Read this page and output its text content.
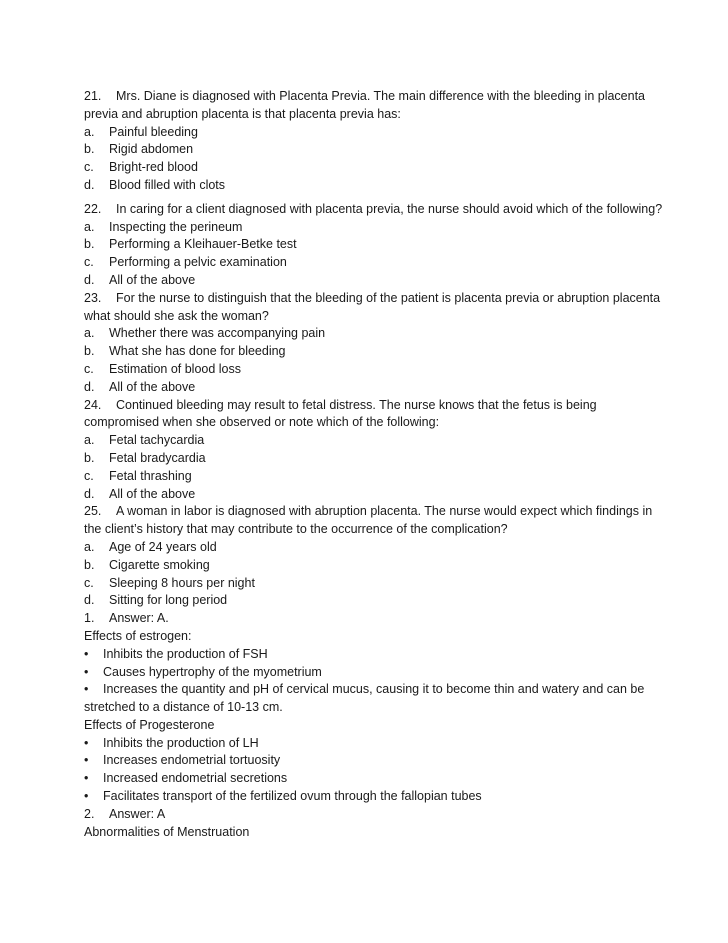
21. Mrs. Diane is diagnosed with Placenta Previa. The main difference with the bleeding in placenta
previa and abruption placenta is that placenta previa has:
a. Painful bleeding
b. Rigid abdomen
c. Bright-red blood
d. Blood filled with clots
22. In caring for a client diagnosed with placenta previa, the nurse should avoid which of the following?
a. Inspecting the perineum
b. Performing a Kleihauer-Betke test
c. Performing a pelvic examination
d. All of the above
23. For the nurse to distinguish that the bleeding of the patient is placenta previa or abruption placenta
what should she ask the woman?
a. Whether there was accompanying pain
b. What she has done for bleeding
c. Estimation of blood loss
d. All of the above
24. Continued bleeding may result to fetal distress. The nurse knows that the fetus is being
compromised when she observed or note which of the following:
a. Fetal tachycardia
b. Fetal bradycardia
c. Fetal thrashing
d. All of the above
25. A woman in labor is diagnosed with abruption placenta. The nurse would expect which findings in
the client’s history that may contribute to the occurrence of the complication?
a. Age of 24 years old
b. Cigarette smoking
c. Sleeping 8 hours per night
d. Sitting for long period
1. Answer: A.
Effects of estrogen:
• Inhibits the production of FSH
• Causes hypertrophy of the myometrium
• Increases the quantity and pH of cervical mucus, causing it to become thin and watery and can be
stretched to a distance of 10-13 cm.
Effects of Progesterone
• Inhibits the production of LH
• Increases endometrial tortuosity
• Increased endometrial secretions
• Facilitates transport of the fertilized ovum through the fallopian tubes
2. Answer: A
Abnormalities of Menstruation
